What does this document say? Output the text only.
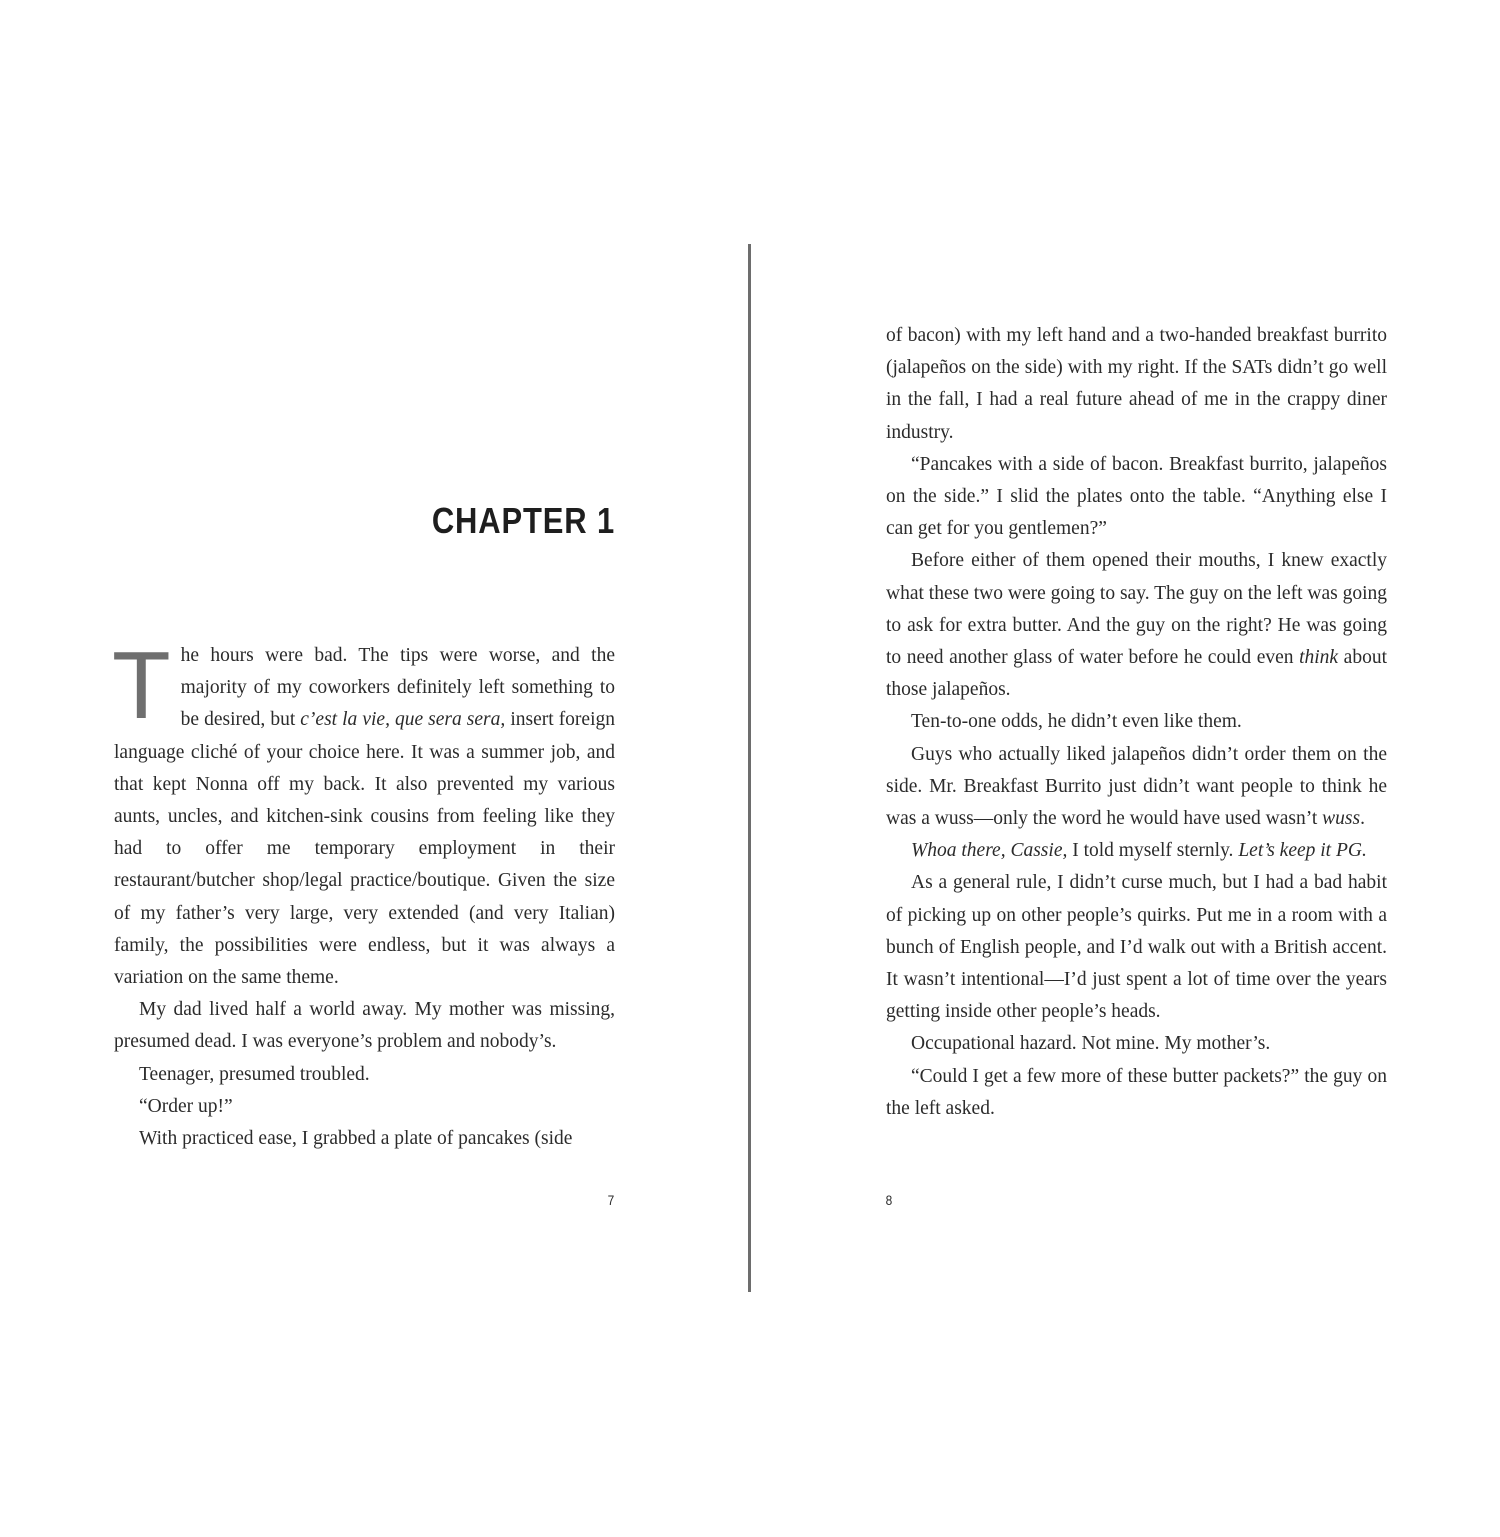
CHAPTER 1

The hours were bad. The tips were worse, and the majority of my coworkers definitely left something to be desired, but c’est la vie, que sera sera, insert foreign language cliché of your choice here. It was a summer job, and that kept Nonna off my back. It also prevented my various aunts, uncles, and kitchen-sink cousins from feeling like they had to offer me temporary employment in their restaurant/butcher shop/legal practice/boutique. Given the size of my father’s very large, very extended (and very Italian) family, the possibilities were endless, but it was always a variation on the same theme.

My dad lived half a world away. My mother was missing, presumed dead. I was everyone’s problem and nobody’s.

Teenager, presumed troubled.

“Order up!”

With practiced ease, I grabbed a plate of pancakes (side

7

of bacon) with my left hand and a two-handed breakfast burrito (jalapeños on the side) with my right. If the SATs didn’t go well in the fall, I had a real future ahead of me in the crappy diner industry.

“Pancakes with a side of bacon. Breakfast burrito, jalapeños on the side.” I slid the plates onto the table. “Anything else I can get for you gentlemen?”

Before either of them opened their mouths, I knew exactly what these two were going to say. The guy on the left was going to ask for extra butter. And the guy on the right? He was going to need another glass of water before he could even think about those jalapeños.

Ten-to-one odds, he didn’t even like them.

Guys who actually liked jalapeños didn’t order them on the side. Mr. Breakfast Burrito just didn’t want people to think he was a wuss—only the word he would have used wasn’t wuss.

Whoa there, Cassie, I told myself sternly. Let’s keep it PG.

As a general rule, I didn’t curse much, but I had a bad habit of picking up on other people’s quirks. Put me in a room with a bunch of English people, and I’d walk out with a British accent. It wasn’t intentional—I’d just spent a lot of time over the years getting inside other people’s heads.

Occupational hazard. Not mine. My mother’s.

“Could I get a few more of these butter packets?” the guy on the left asked.

8
